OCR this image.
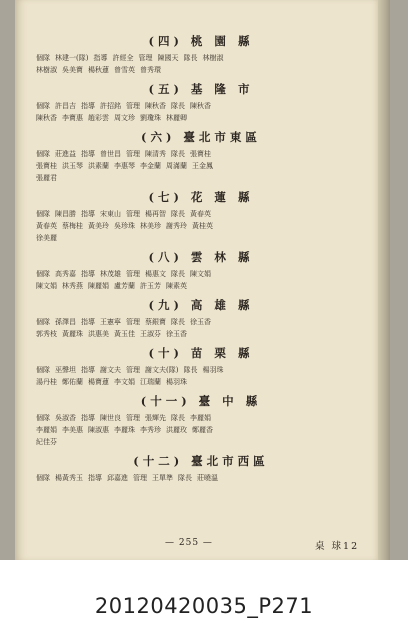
(四) 桃 園 縣
個隊 林建一(隊) 指導 許經全 管理 陳國天 隊長 林樹淑
林樹淑 吳美寶 楊秋蓮 曾雪英 曾秀環
(五) 基 隆 市
個隊 許昌吉 指導 許招銘 管理 陳秋香 隊長 陳秋香
陳秋香 李寶惠 趙彩雲 周文珍 劉瓊珠 林麗卿
(六) 臺北市東區
個隊 莊進益 指導 曾世昌 管理 陳清秀 隊長 張寶桂
張寶桂 洪玉琴 洪素蘭 李惠琴 李金蘭 周滿蘭 王金鳳
張麗君
(七) 花 蓮 縣
個隊 陳昌勝 指導 宋東山 管理 楊再智 隊長 黃春英
黃春英 蔡梅桂 黃美玲 吳珍珠 林美珍 謝秀玲 黃桂英
徐美麗
(八) 雲 林 縣
個隊 高秀嘉 指導 林茂雄 管理 楊惠文 隊長 陳文娟
陳文娟 林秀燕 陳麗娟 盧芳蘭 許玉芳 陳素英
(九) 高 雄 縣
個隊 孫澤昌 指導 王憲寧 管理 蔡銀寶 隊長 徐玉香
郭秀枝 黃麗珠 洪惠美 黃玉佳 王淑芬 徐玉香
(十) 苗 栗 縣
個隊 巫聲坦 指導 謝文夫 管理 謝文夫(隊) 隊長 楊羽珠
湯丹桂 鄭佑蘭 楊寶蓮 李文娟 江瑞蘭 楊羽珠
(十一) 臺 中 縣
個隊 吳淑香 指導 陳世良 管理 張輝先 隊長 李麗娟
李麗娟 李美惠 陳淑惠 李麗珠 李秀珍 洪麗玫 鄭麗香
紀佳芬
(十二) 臺北市西區
個隊 楊黃秀玉 指導 邱嘉進 管理 王單準 隊長 莊曉溫
— 255 —	桌 球12
20120420035_P271
